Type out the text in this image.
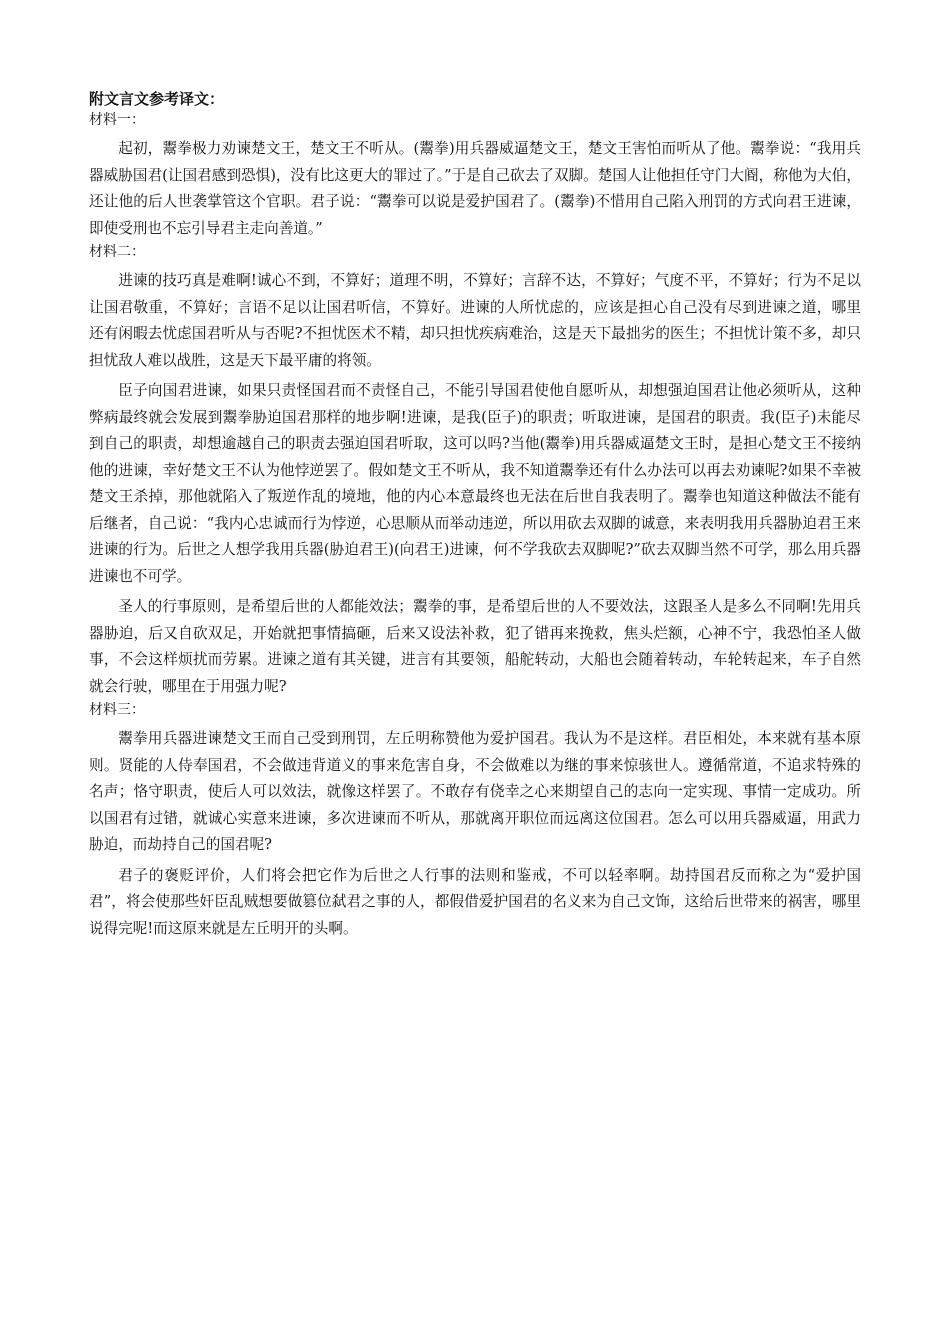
附文言文参考译文：

材料一：

起初，鬻拳极力劝谏楚文王，楚文王不听从。(鬻拳)用兵器威逼楚文王，楚文王害怕而听从了他。鬻拳说：“我用兵器威胁国君(让国君感到恐惧)，没有比这更大的罪过了。”于是自己砍去了双脚。楚国人让他担任守门大阍，称他为大伯，还让他的后人世袭掌管这个官职。君子说：“鬻拳可以说是爱护国君了。(鬻拳)不惜用自己陷入刑罚的方式向君王进谏，即使受刑也不忘引导君主走向善道。”

材料二：

进谏的技巧真是难啊!诚心不到，不算好；道理不明，不算好；言辞不达，不算好；气度不平，不算好；行为不足以让国君敬重，不算好；言语不足以让国君听信，不算好。进谏的人所忧虑的，应该是担心自己没有尽到进谏之道，哪里还有闲暇去忧虑国君听从与否呢?不担忧医术不精，却只担忧疾病难治，这是天下最拙劣的医生；不担忧计策不多，却只担忧敌人难以战胜，这是天下最平庸的将领。

臣子向国君进谏，如果只责怪国君而不责怪自己，不能引导国君使他自愿听从，却想强迫国君让他必须听从，这种弊病最终就会发展到鬻拳胁迫国君那样的地步啊!进谏，是我(臣子)的职责；听取进谏，是国君的职责。我(臣子)未能尽到自己的职责，却想逾越自己的职责去强迫国君听取，这可以吗?当他(鬻拳)用兵器威逼楚文王时，是担心楚文王不接纳他的进谏，幸好楚文王不认为他悖逆罢了。假如楚文王不听从，我不知道鬻拳还有什么办法可以再去劝谏呢?如果不幸被楚文王杀掉，那他就陷入了叛逆作乱的境地，他的内心本意最终也无法在后世自我表明了。鬻拳也知道这种做法不能有后继者，自己说：“我内心忠诚而行为悖逆，心思顺从而举动违逆，所以用砍去双脚的诚意，来表明我用兵器胁迫君王来进谏的行为。后世之人想学我用兵器(胁迫君王)(向君王)进谏，何不学我砍去双脚呢?”砍去双脚当然不可学，那么用兵器进谏也不可学。

圣人的行事原则，是希望后世的人都能效法；鬻拳的事，是希望后世的人不要效法，这跟圣人是多么不同啊!先用兵器胁迫，后又自砍双足，开始就把事情搞砸，后来又设法补救，犯了错再来挽救，焦头烂额，心神不宁，我恐怕圣人做事，不会这样烦扰而劳累。进谏之道有其关键，进言有其要领，船舵转动，大船也会随着转动，车轮转起来，车子自然就会行驶，哪里在于用强力呢?

材料三：

鬻拳用兵器进谏楚文王而自己受到刑罚，左丘明称赞他为爱护国君。我认为不是这样。君臣相处，本来就有基本原则。贤能的人侍奉国君，不会做违背道义的事来危害自身，不会做难以为继的事来惊骇世人。遵循常道，不追求特殊的名声；恪守职责，使后人可以效法，就像这样罢了。不敢存有侥幸之心来期望自己的志向一定实现、事情一定成功。所以国君有过错，就诚心实意来进谏，多次进谏而不听从，那就离开职位而远离这位国君。怎么可以用兵器威逼，用武力胁迫，而劫持自己的国君呢?

君子的褒贬评价，人们将会把它作为后世之人行事的法则和鉴戒，不可以轻率啊。劫持国君反而称之为“爱护国君”，将会使那些奸臣乱贼想要做篡位弑君之事的人，都假借爱护国君的名义来为自己文饰，这给后世带来的祸害，哪里说得完呢!而这原来就是左丘明开的头啊。
